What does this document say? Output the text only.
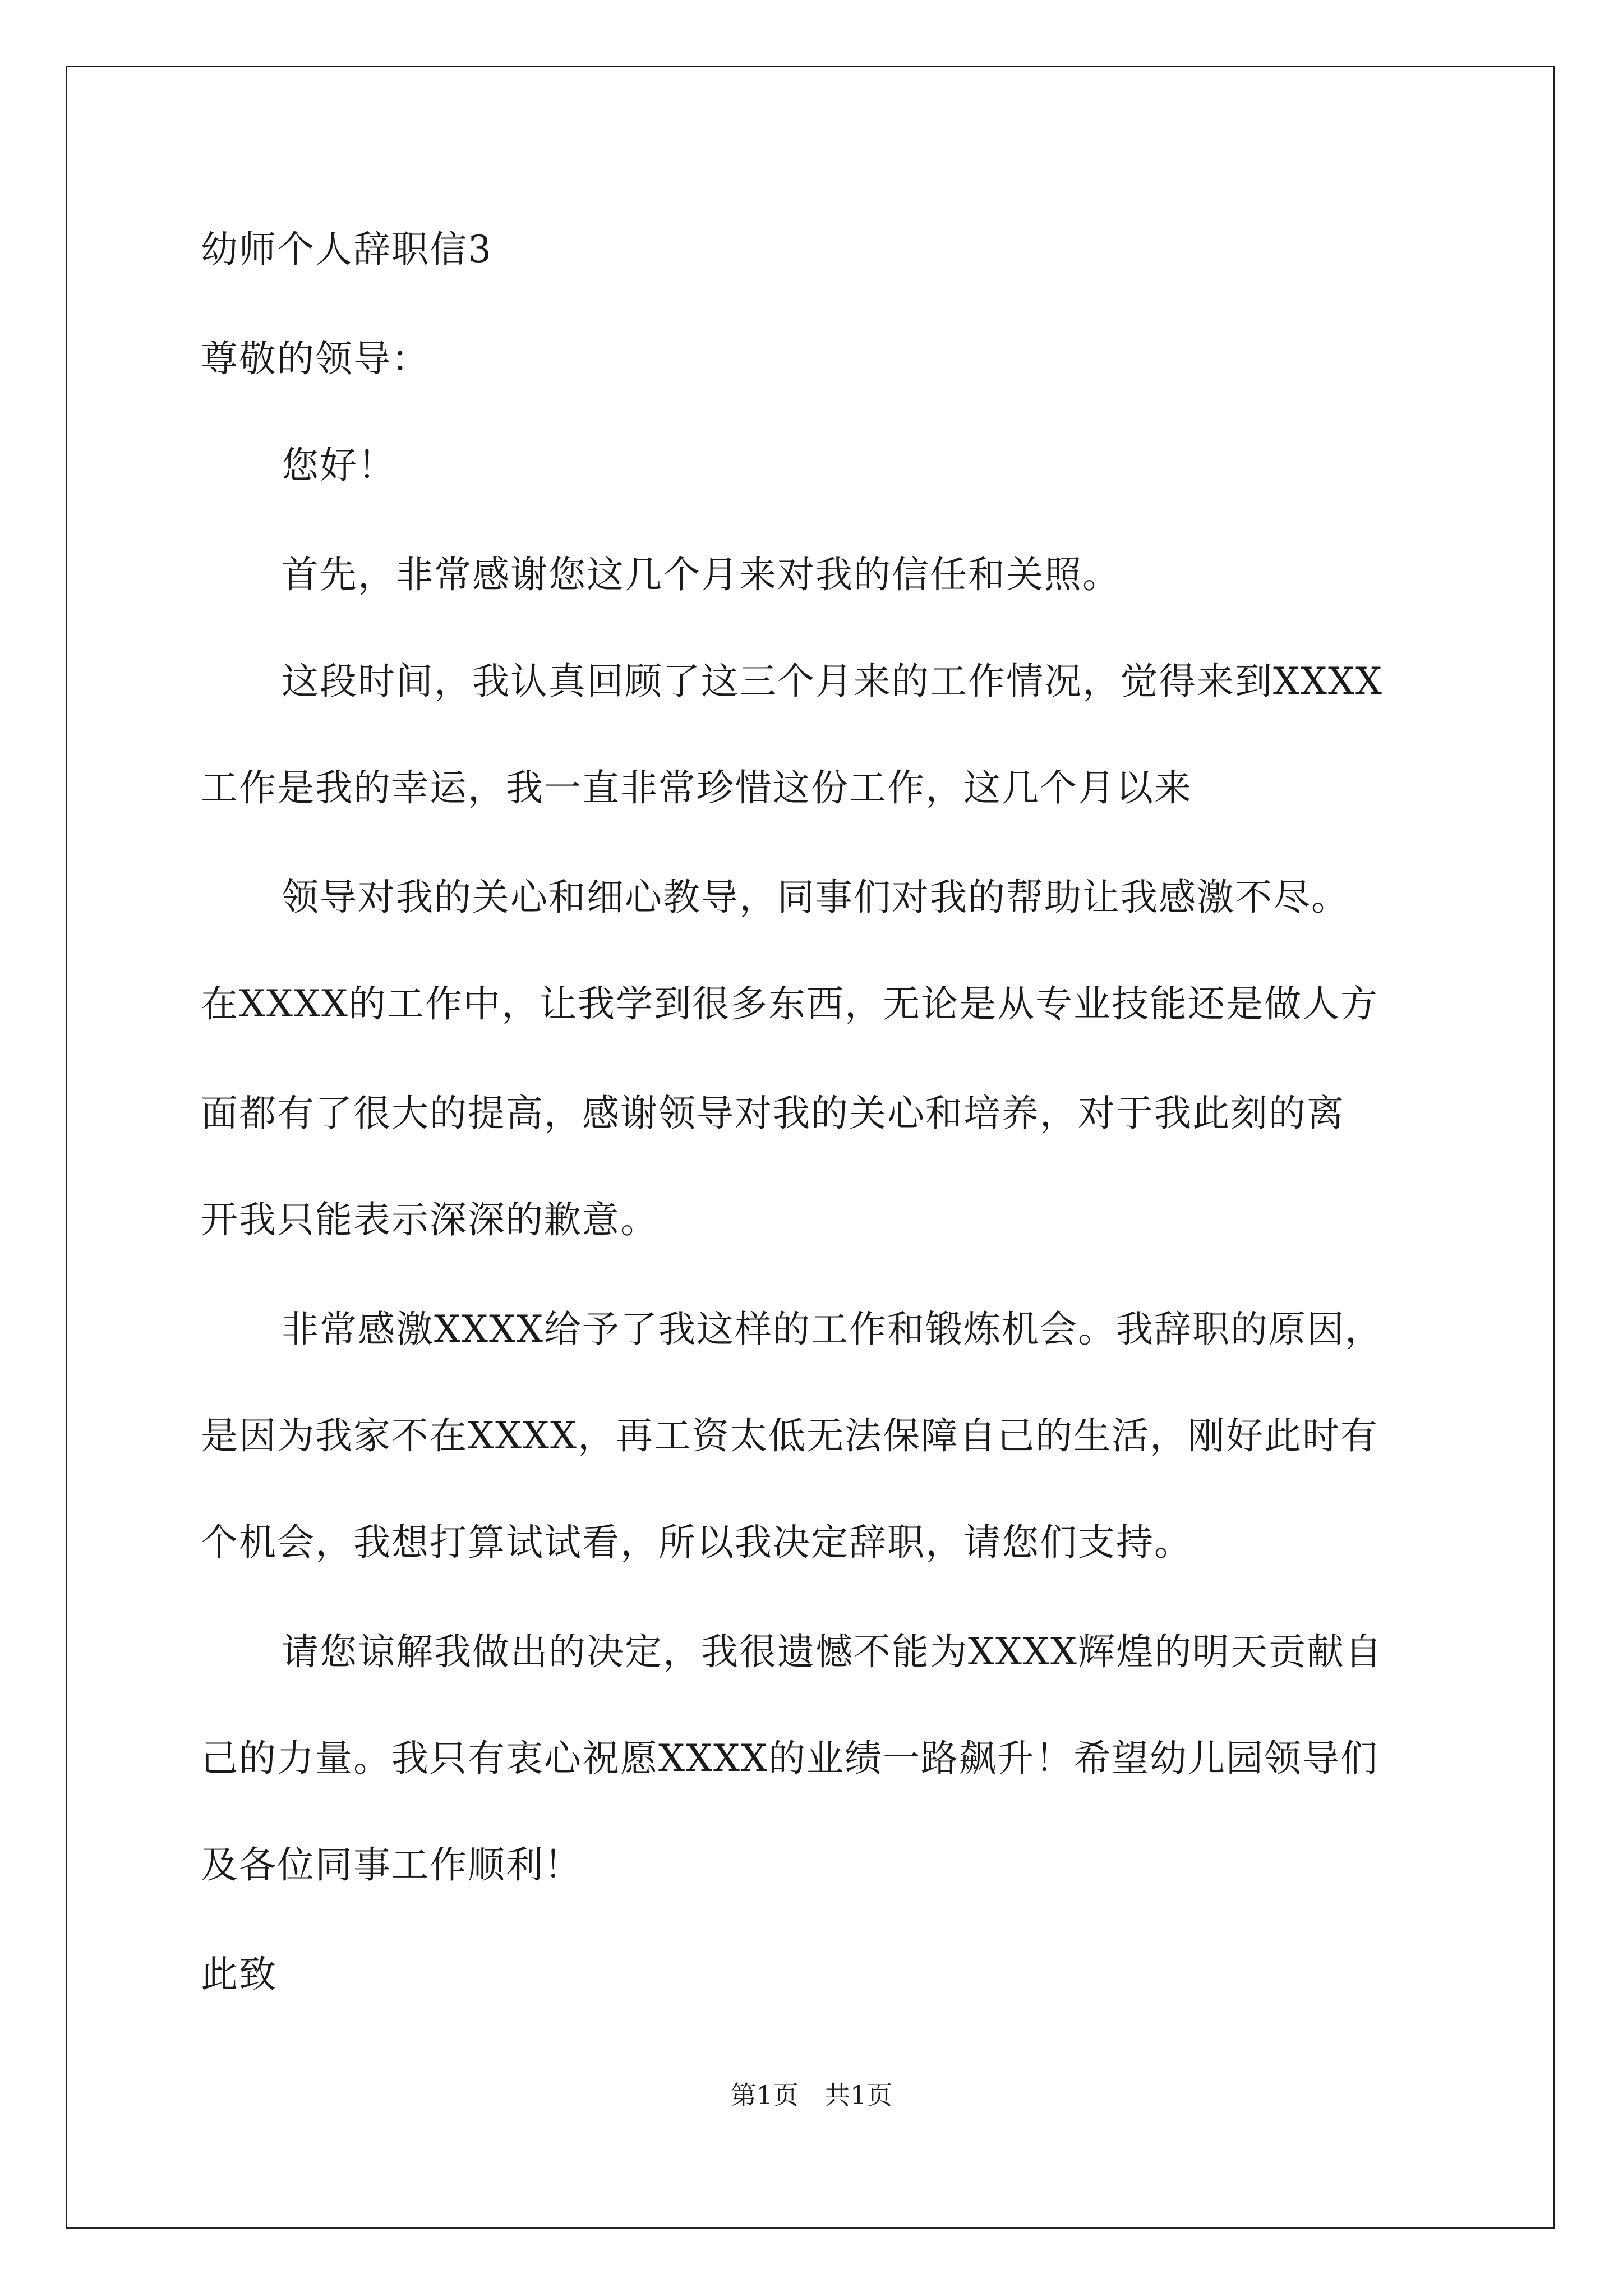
幼师个人辞职信3
尊敬的领导：
您好！
首先，非常感谢您这几个月来对我的信任和关照。
这段时间，我认真回顾了这三个月来的工作情况，觉得来到XXXX
工作是我的幸运，我一直非常珍惜这份工作，这几个月以来
领导对我的关心和细心教导，同事们对我的帮助让我感激不尽。
在XXXX的工作中，让我学到很多东西，无论是从专业技能还是做人方
面都有了很大的提高，感谢领导对我的关心和培养，对于我此刻的离
开我只能表示深深的歉意。
非常感激XXXX给予了我这样的工作和锻炼机会。我辞职的原因，
是因为我家不在XXXX，再工资太低无法保障自己的生活，刚好此时有
个机会，我想打算试试看，所以我决定辞职，请您们支持。
请您谅解我做出的决定，我很遗憾不能为XXXX辉煌的明天贡献自
己的力量。我只有衷心祝愿XXXX的业绩一路飙升！希望幼儿园领导们
及各位同事工作顺利！
此致
第1页　共1页
